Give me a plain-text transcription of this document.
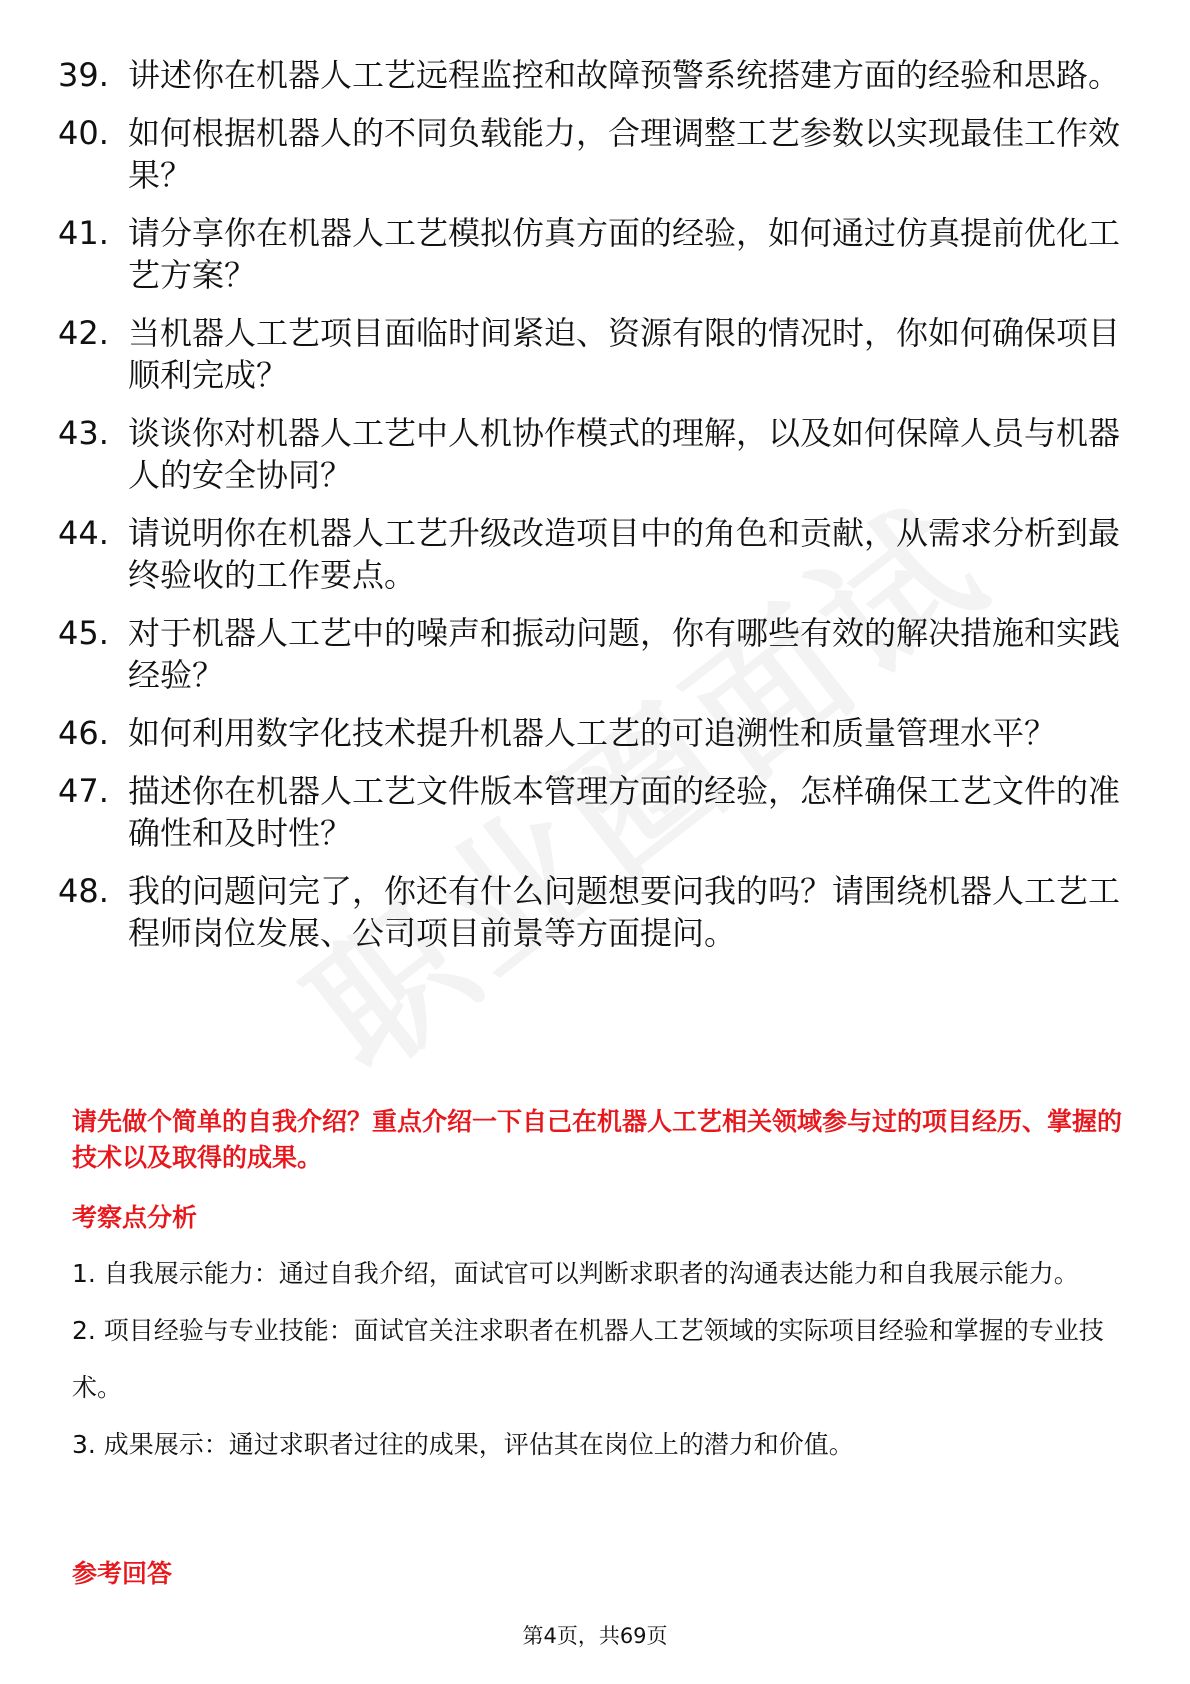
39. 讲述你在机器人工艺远程监控和故障预警系统搭建方面的经验和思路。
40. 如何根据机器人的不同负载能力，合理调整工艺参数以实现最佳工作效果？
41. 请分享你在机器人工艺模拟仿真方面的经验，如何通过仿真提前优化工艺方案？
42. 当机器人工艺项目面临时间紧迫、资源有限的情况时，你如何确保项目顺利完成？
43. 谈谈你对机器人工艺中人机协作模式的理解，以及如何保障人员与机器人的安全协同？
44. 请说明你在机器人工艺升级改造项目中的角色和贡献，从需求分析到最终验收的工作要点。
45. 对于机器人工艺中的噪声和振动问题，你有哪些有效的解决措施和实践经验？
46. 如何利用数字化技术提升机器人工艺的可追溯性和质量管理水平？
47. 描述你在机器人工艺文件版本管理方面的经验，怎样确保工艺文件的准确性和及时性？
48. 我的问题问完了，你还有什么问题想要问我的吗？请围绕机器人工艺工程师岗位发展、公司项目前景等方面提问。
请先做个简单的自我介绍？重点介绍一下自己在机器人工艺相关领域参与过的项目经历、掌握的技术以及取得的成果。
考察点分析
1. 自我展示能力：通过自我介绍，面试官可以判断求职者的沟通表达能力和自我展示能力。
2. 项目经验与专业技能：面试官关注求职者在机器人工艺领域的实际项目经验和掌握的专业技术。
3. 成果展示：通过求职者过往的成果，评估其在岗位上的潜力和价值。
参考回答
第4页，共69页
